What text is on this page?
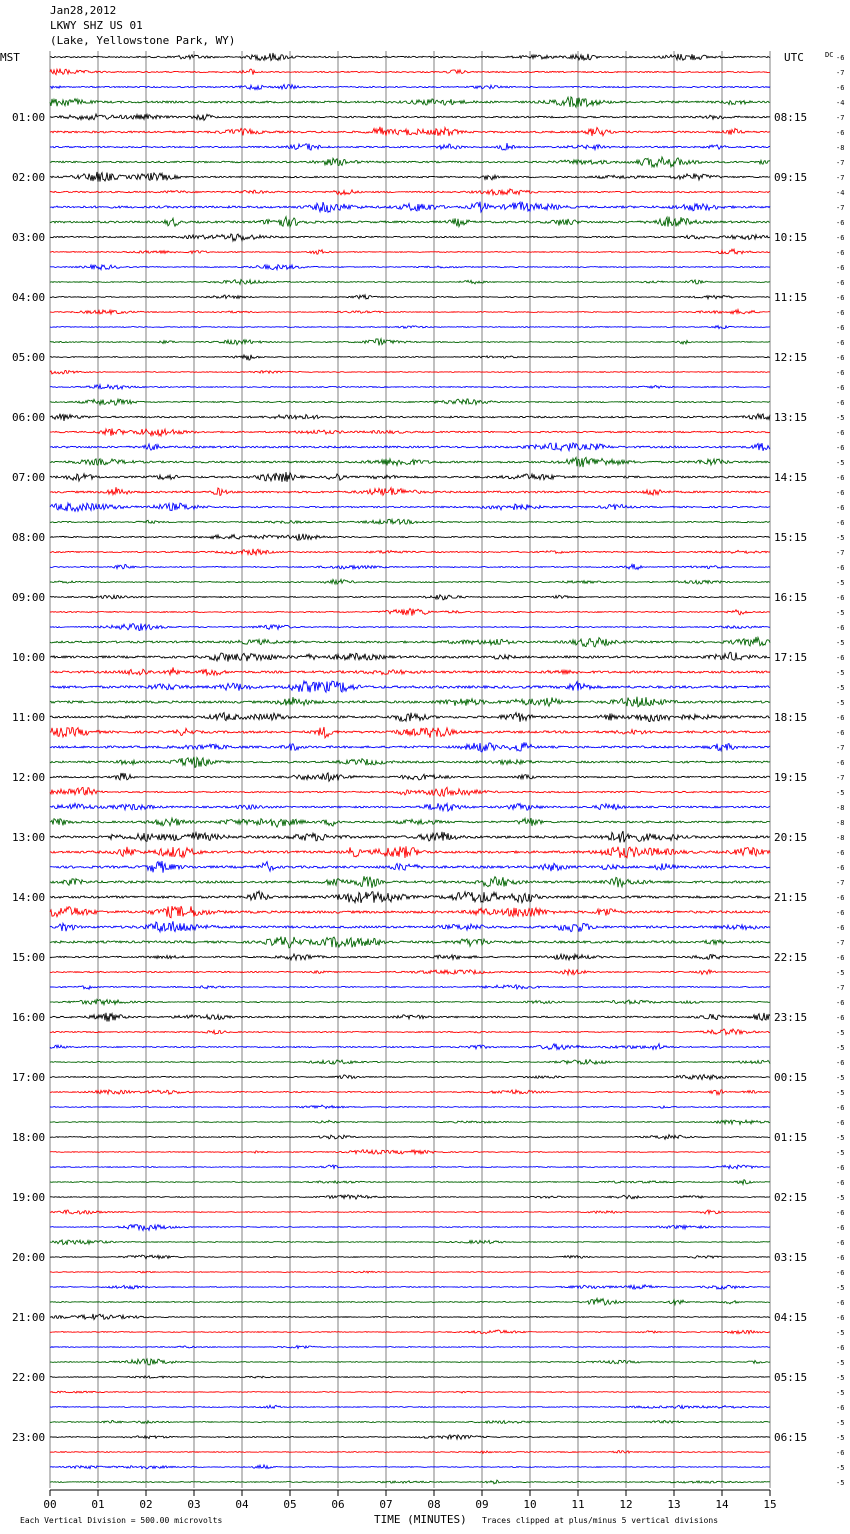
Jan28,2012
LKWY SHZ US 01
(Lake, Yellowstone Park, WY)
MST	UTC	DC
Each Vertical Division = 500.00 microvolts	TIME (MINUTES) Traces clipped at plus/minus 5 vertical divisions
-6
-7
-6
-4
-7
-6
-8
-7
-7
-4
-7
-6
-6
-6
-6
-6
-6
-6
-6
-6
-6
-6
-6
-6
-5
-6
-6
-5
-6
-6
-6
-6
-5
-7
-6
-5
-6
-5
-6
-5
-6
-5
-5
-5
-6
-6
-7
-6
-7
-5
-8
-8
-8
-6
-6
-7
-6
-6
-6
-7
-6
-5
-7
-6
-6
-5
-5
-6
-5
-5
-6
-6
-5
-5
-6
-6
-5
-6
-6
-6
-6
-6
-5
-6
-6
-5
-6
-5
-5
-5
-6
-5
-5
-6
-5
-5
01:00
02:00
03:00
04:00
05:00
06:00
07:00
08:00
09:00
10:00
11:00
12:00
13:00
14:00
15:00
16:00
17:00
18:00
19:00
20:00
21:00
22:00
23:00
08:15
09:15
10:15
11:15
12:15
13:15
14:15
15:15
16:15
17:15
18:15
19:15
20:15
21:15
22:15
23:15
00:15
01:15
02:15
03:15
04:15
05:15
06:15
00	01	02	03	04	05	06	07	08	09	10	11	12	13	14	15
